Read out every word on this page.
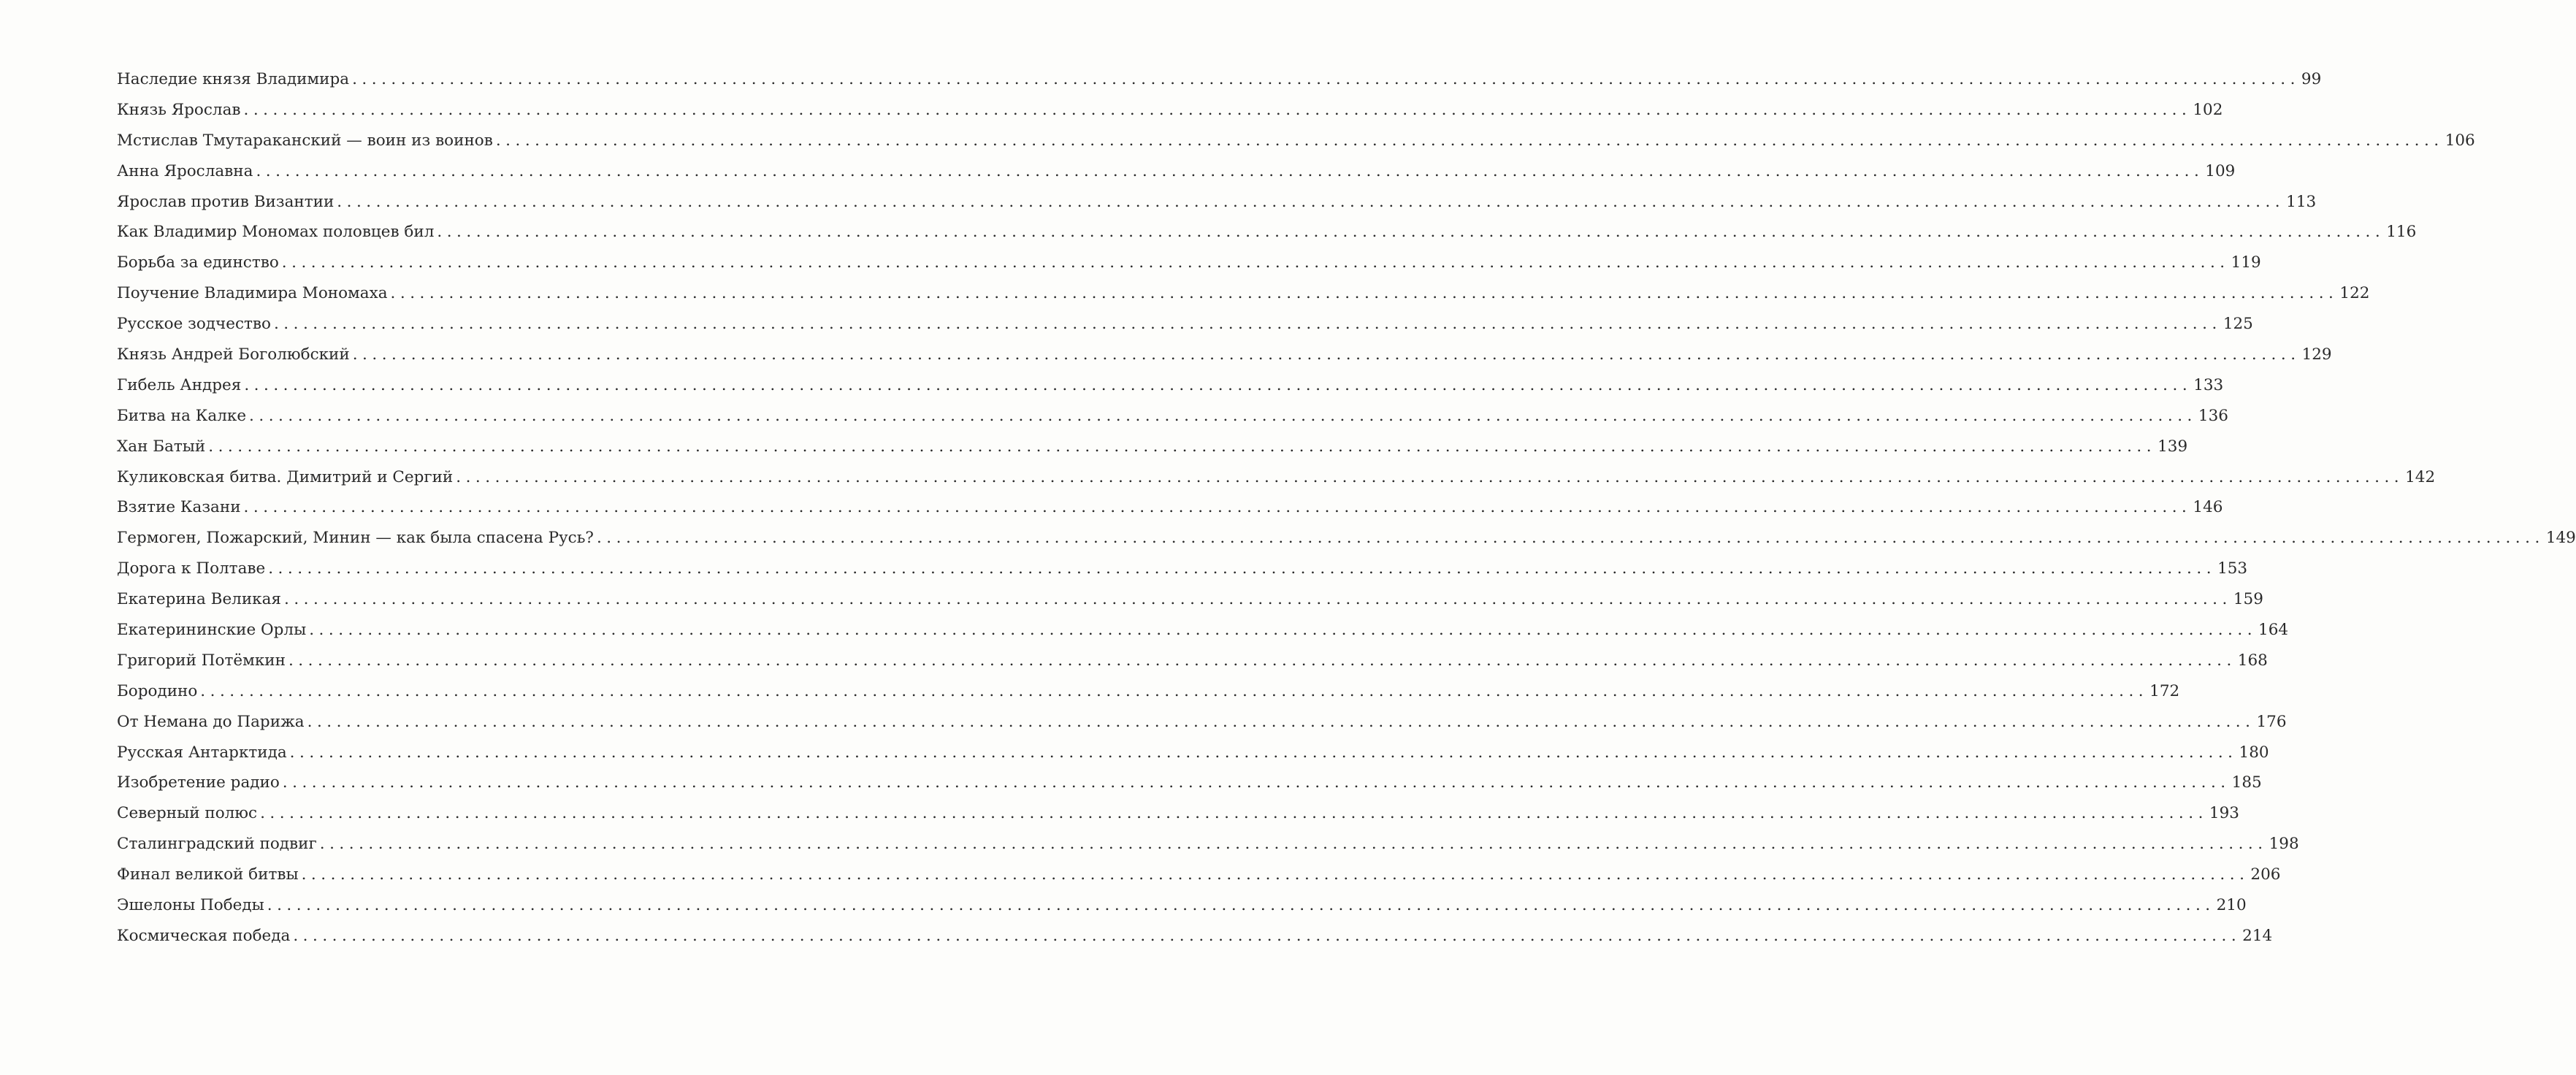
Наследие князя Владимира ........................................................................................................................................................................................................ 99
Князь Ярослав ........................................................................................................................................................................................................ 102
Мстислав Тмутараканский — воин из воинов ........................................................................................................................................................................................................ 106
Анна Ярославна ........................................................................................................................................................................................................ 109
Ярослав против Византии ........................................................................................................................................................................................................ 113
Как Владимир Мономах половцев бил ........................................................................................................................................................................................................ 116
Борьба за единство ........................................................................................................................................................................................................ 119
Поучение Владимира Мономаха ........................................................................................................................................................................................................ 122
Русское зодчество ........................................................................................................................................................................................................ 125
Князь Андрей Боголюбский ........................................................................................................................................................................................................ 129
Гибель Андрея ........................................................................................................................................................................................................ 133
Битва на Калке ........................................................................................................................................................................................................ 136
Хан Батый ........................................................................................................................................................................................................ 139
Куликовская битва. Димитрий и Сергий ........................................................................................................................................................................................................ 142
Взятие Казани ........................................................................................................................................................................................................ 146
Гермоген, Пожарский, Минин — как была спасена Русь? ........................................................................................................................................................................................................ 149
Дорога к Полтаве ........................................................................................................................................................................................................ 153
Екатерина Великая ........................................................................................................................................................................................................ 159
Екатерининские Орлы ........................................................................................................................................................................................................ 164
Григорий Потёмкин ........................................................................................................................................................................................................ 168
Бородино ........................................................................................................................................................................................................ 172
От Немана до Парижа ........................................................................................................................................................................................................ 176
Русская Антарктида ........................................................................................................................................................................................................ 180
Изобретение радио ........................................................................................................................................................................................................ 185
Северный полюс ........................................................................................................................................................................................................ 193
Сталинградский подвиг ........................................................................................................................................................................................................ 198
Финал великой битвы ........................................................................................................................................................................................................ 206
Эшелоны Победы ........................................................................................................................................................................................................ 210
Космическая победа ........................................................................................................................................................................................................ 214
